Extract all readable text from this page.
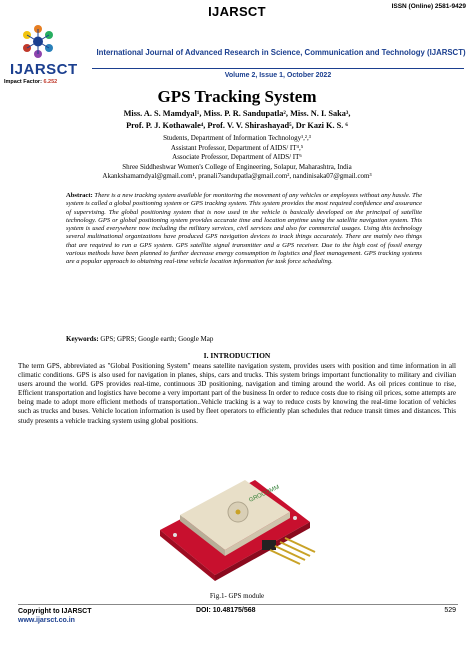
IJARSCT	ISSN (Online) 2581-9429
IJARSCT
Impact Factor: 6.252
International Journal of Advanced Research in Science, Communication and Technology (IJARSCT)
Volume 2, Issue 1, October 2022
GPS Tracking System
Miss. A. S. Mamdyal¹, Miss. P. R. Sandupatla², Miss. N. I. Saka³,
Prof. P. J. Kothawale⁴, Prof. V. V. Shirashayad⁵, Dr Kazi K. S. ⁶
Students, Department of Information Technology¹,²,³
Assistant Professor, Department of AIDS/ IT⁴,⁵
Associate Professor, Department of AIDS/ IT⁶
Shree Siddheshwar Women's College of Engineering, Solapur, Maharashtra, India
Akankshamamdyal@gmail.com¹, pranali7sandupatla@gmail.com², nandinisaka07@gmail.com³
Abstract: There is a new tracking system available for monitoring the movement of any vehicles or employees without any hassle. The system is called a global positioning system or GPS tracking system. This system provides the most required confidence and assurance of supervising. The global positioning system that is now used in the vehicle is basically developed on the principal of satellite technology. GPS or global positioning system provides accurate time and location anytime using the satellite navigation system. This system is used everywhere now including the military services, civil services and also for commercial usages. Using this technology several multinational organizations have produced GPS navigation devices to track things accurately. There are mainly two things that are required to run a GPS system. GPS satellite signal transmitter and a GPS receiver. Due to the high cost of fossil energy various methods have been planned to further decrease energy consumption in logistics and fleet management. GPS tracking systems are a popular approach to obtaining real-time vehicle location information for task force scheduling.
Keywords: GPS; GPRS; Google earth; Google Map
I. INTRODUCTION
The term GPS, abbreviated as "Global Positioning System" means satellite navigation system, provides users with position and time information in all climatic conditions. GPS is also used for navigation in planes, ships, cars and trucks. This system brings important functionality to military and civilian users around the world. GPS provides real-time, continuous 3D positioning, navigation and timing around the world. As oil prices continue to rise, Efficient transportation and logistics have become a very important part of the business In order to reduce costs due to rising oil prices, some attempts are being made to adopt more efficient methods of transportation..Vehicle tracking is a way to reduce costs by knowing the real-time location of vehicles such as trucks and buses. Vehicle location information is used by fleet operators to efficiently plan schedules that reduce transit times and distances. This study presents a vehicle tracking system using global positions.
GROCOMM
Fig.1- GPS module
Copyright to IJARSCT
www.ijarsct.co.in
DOI: 10.48175/568	529
